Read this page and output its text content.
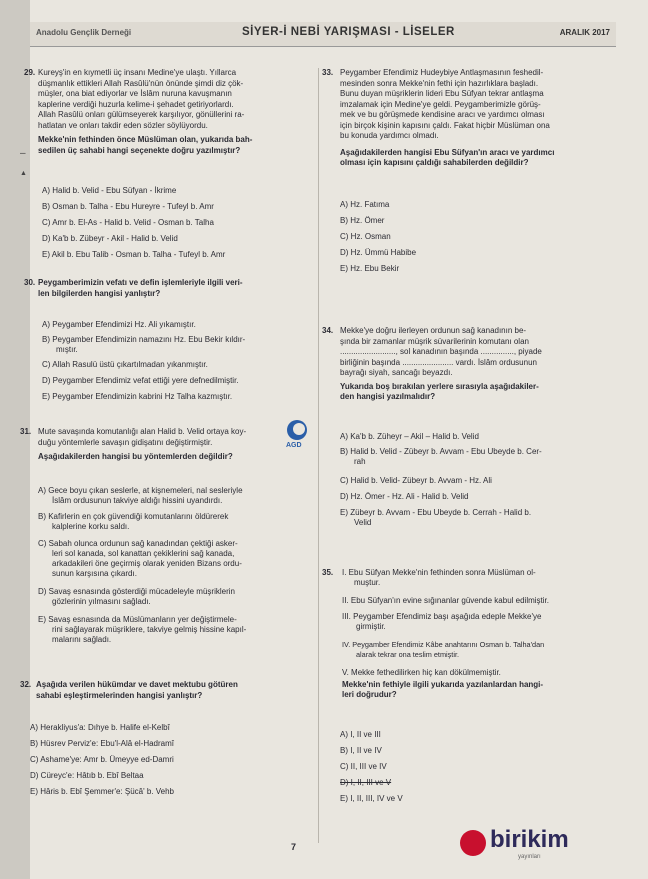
Anadolu Gençlik Derneği	SİYER-İ NEBİ YARIŞMASI - LİSELER	ARALIK 2017
29. Kureyş'in en kıymetli üç insanı Medine'ye ulaştı. Yıllarca

düşmanlık ettikleri Allah Rasûlü'nün önünde şimdi diz çök-

müşler, ona biat ediyorlar ve İslâm nuruna kavuşmanın

kaplerine verdiği huzurla kelime-i şehadet getiriyorlardı.

Allah Rasûlü onları gülümseyerek karşılıyor, gönüllerini ra-

hatlatan ve onları takdir eden sözler söylüyordu.

Mekke'nin fethinden önce Müslüman olan, yukarıda bah-

sedilen üç sahabi hangi seçenekte doğru yazılmıştır?

–
▲
A) Halid b. Velid - Ebu Süfyan - İkrime
B) Osman b. Talha - Ebu Hureyre - Tufeyl b. Amr
C) Amr b. El-As - Halid b. Velid - Osman b. Talha
D) Ka'b b. Zübeyr - Akil - Halid b. Velid
E) Akil b. Ebu Talib - Osman b. Talha - Tufeyl b. Amr
30. Peygamberimizin vefatı ve defin işlemleriyle ilgili veri-

len bilgilerden hangisi yanlıştır?

A) Peygamber Efendimizi Hz. Ali yıkamıştır.
B) Peygamber Efendimizin namazını Hz. Ebu Bekir kıldır-
mıştır.
C) Allah Rasulü üstü çıkartılmadan yıkanmıştır.
D) Peygamber Efendimiz vefat ettiği yere defnedilmiştir.
E) Peygamber Efendimizin kabrini Hz Talha kazmıştır.
31. Mute savaşında komutanlığı alan Halid b. Velid ortaya koy-

duğu yöntemlerle savaşın gidişatını değiştirmiştir.

Aşağıdakilerden hangisi bu yöntemlerden değildir?

A) Gece boyu çıkan seslerle, at kişnemeleri, nal sesleriyle
İslâm ordusunun takviye aldığı hissini uyandırdı.
B) Kafirlerin en çok güvendiği komutanlarını öldürerek
kalplerine korku saldı.
C) Sabah olunca ordunun sağ kanadından çektiği asker-
leri sol kanada, sol kanattan çekiklerini sağ kanada,
arkadakileri öne geçirmiş olarak yeniden Bizans ordu-
sunun karşısına çıkardı.
D) Savaş esnasında gösterdiği mücadeleyle müşriklerin
gözlerinin yılmasını sağladı.
E) Savaş esnasında da Müslümanların yer değiştirmele-
rini sağlayarak müşriklere, takviye gelmiş hissine kapıl-
malarını sağladı.
32. Aşağıda verilen hükümdar ve davet mektubu götüren

sahabi eşleştirmelerinden hangisi yanlıştır?

A) Herakliyus'a: Dıhye b. Halife el-Kelbî
B) Hüsrev Perviz'e: Ebu'l-Alâ el-Hadramî
C) Ashame'ye: Amr b. Ümeyye ed-Damri
D) Cüreyc'e: Hâtıb b. Ebî Beltaa
E) Hâris b. Ebî Şemmer'e: Şücâ' b. Vehb
AGD
33. Peygamber Efendimiz Hudeybiye Antlaşmasının feshedil-

mesinden sonra Mekke'nin fethi için hazırlıklara başladı.

Bunu duyan müşriklerin lideri Ebu Süfyan tekrar antlaşma

imzalamak için Medine'ye geldi. Peygamberimizle görüş-

mek ve bu görüşmede kendisine aracı ve yardımcı olması

için birçok kişinin kapısını çaldı. Fakat hiçbir Müslüman ona

bu konuda yardımcı olmadı.

Aşağıdakilerden hangisi Ebu Süfyan'ın aracı ve yardımcı

olması için kapısını çaldığı sahabilerden değildir?

A) Hz. Fatıma
B) Hz. Ömer
C) Hz. Osman
D) Hz. Ümmü Habibe
E) Hz. Ebu Bekir
34. Mekke'ye doğru ilerleyen ordunun sağ kanadının be-

şında bir zamanlar müşrik süvarilerinin komutanı olan

........................., sol kanadının başında ..............., piyade

birliğinin başında ....................... vardı. İslâm ordusunun

bayrağı siyah, sancağı beyazdı.

Yukarıda boş bırakılan yerlere sırasıyla aşağıdakiler-

den hangisi yazılmalıdır?

A) Ka'b b. Züheyr – Akil – Halid b. Velid
B) Halid b. Velid - Zübeyr b. Avvam - Ebu Ubeyde b. Cer-
rah
C) Halid b. Velid- Zübeyr b. Avvam - Hz. Ali
D) Hz. Ömer - Hz. Ali - Halid b. Velid
E) Zübeyr b. Avvam - Ebu Ubeyde b. Cerrah - Halid b.
Velid
35. I. Ebu Süfyan Mekke'nin fethinden sonra Müslüman ol-
muştur.
II. Ebu Süfyan'ın evine sığınanlar güvende kabul edilmiştir.
III. Peygamber Efendimiz başı aşağıda edeple Mekke'ye
girmiştir.
IV. Peygamber Efendimiz Kâbe anahtarını Osman b. Talha'dan
alarak tekrar ona teslim etmiştir.
V. Mekke fethedilirken hiç kan dökülmemiştir.
Mekke'nin fethiyle ilgili yukarıda yazılanlardan hangi-
leri doğrudur?
A) I, II ve III
B) I, II ve IV
C) II, III ve IV
D) I, II, III ve V
E) I, II, III, IV ve V
7	birikim
yayınları
